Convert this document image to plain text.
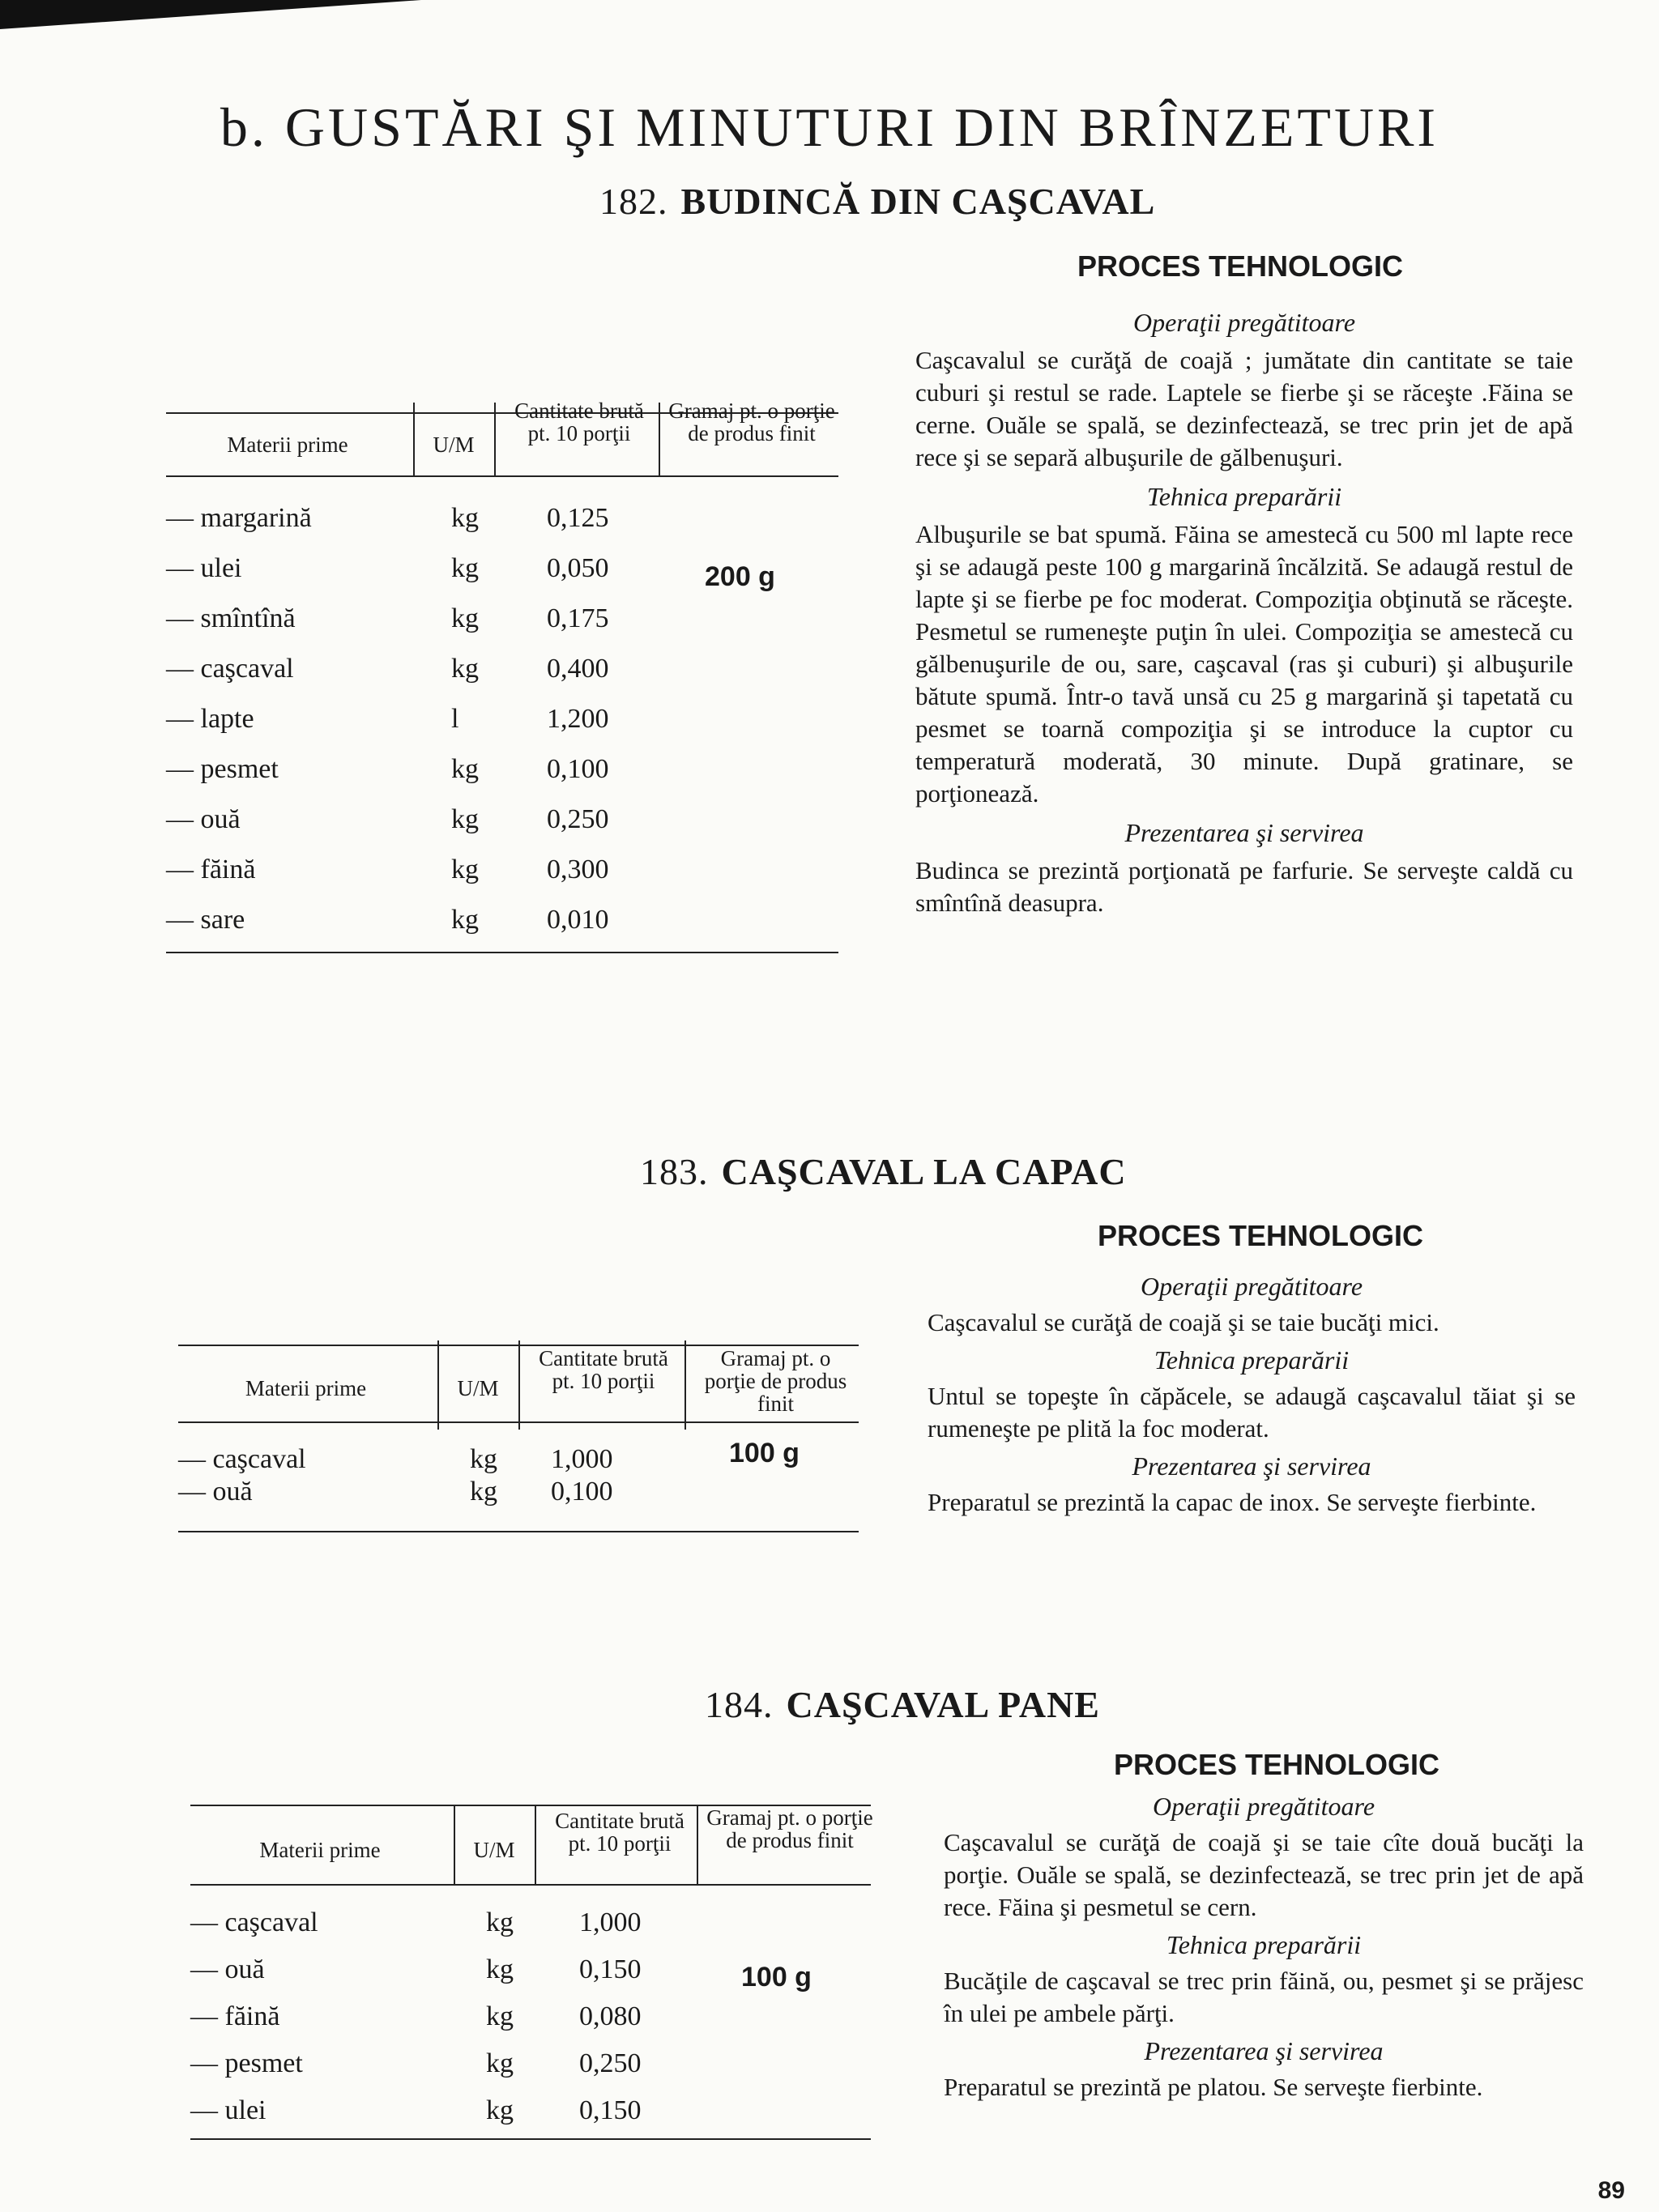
b. GUSTĂRI ŞI MINUTURI DIN BRÎNZETURI
182. BUDINCĂ DIN CAŞCAVAL
PROCES TEHNOLOGIC
Materii prime	U/M
Cantitate brută pt. 10 porţii
Gramaj pt. o porţie de produs finit
— margarină	kg 0,125
— ulei	kg 0,050
— smîntînă	kg 0,175
— caşcaval	kg 0,400
— lapte	l	1,200
— pesmet	kg 0,100
— ouă	kg 0,250
— făină	kg 0,300
— sare	kg 0,010
200 g
Operaţii pregătitoare
Caşcavalul se curăţă de coajă ; jumătate din cantitate se taie cuburi şi restul se rade. Laptele se fierbe şi se răceşte .Făina se cerne. Ouăle se spală, se dezinfectează, se trec prin jet de apă rece şi se separă albuşurile de gălbenuşuri.
Tehnica preparării
Albuşurile se bat spumă. Făina se amestecă cu 500 ml lapte rece şi se adaugă peste 100 g margarină încălzită. Se adaugă restul de lapte şi se fierbe pe foc moderat. Compoziţia obţinută se răceşte. Pesmetul se rumeneşte puţin în ulei. Compoziţia se amestecă cu gălbenuşurile de ou, sare, caşcaval (ras şi cuburi) şi albuşurile bătute spumă. Într-o tavă unsă cu 25 g margarină şi tapetată cu pesmet se toarnă compoziţia şi se introduce la cuptor cu temperatură moderată, 30 minute. După gratinare, se porţionează.
Prezentarea şi servirea
Budinca se prezintă porţionată pe farfurie. Se serveşte caldă cu smîntînă deasupra.
183. CAŞCAVAL LA CAPAC
PROCES TEHNOLOGIC
Materii prime	U/M
Cantitate brută pt. 10 porţii
Gramaj pt. o porţie de produs finit
— caşcaval	kg 1,000
— ouă	kg 0,100
100 g
Operaţii pregătitoare
Caşcavalul se curăţă de coajă şi se taie bucăţi mici.
Tehnica preparării
Untul se topeşte în căpăcele, se adaugă caşcavalul tăiat şi se rumeneşte pe plită la foc moderat.
Prezentarea şi servirea
Preparatul se prezintă la capac de inox. Se serveşte fierbinte.
184. CAŞCAVAL PANE
PROCES TEHNOLOGIC
Materii prime	U/M
Cantitate brută pt. 10 porţii
Gramaj pt. o porţie de produs finit
— caşcaval	kg 1,000
— ouă	kg 0,150
— făină	kg 0,080
— pesmet	kg 0,250
— ulei	kg 0,150
100 g
Operaţii pregătitoare
Caşcavalul se curăţă de coajă şi se taie cîte două bucăţi la porţie. Ouăle se spală, se dezinfectează, se trec prin jet de apă rece. Făina şi pesmetul se cern.
Tehnica preparării
Bucăţile de caşcaval se trec prin făină, ou, pesmet şi se prăjesc în ulei pe ambele părţi.
Prezentarea şi servirea
Preparatul se prezintă pe platou. Se serveşte fierbinte.
89
